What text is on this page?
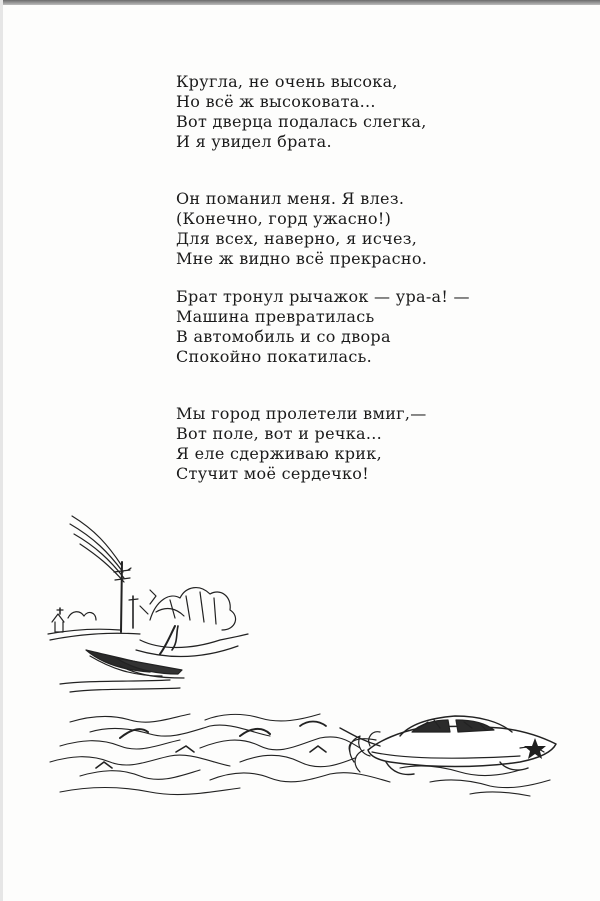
Кругла, не очень высока,
Но всё ж высоковата...
Вот дверца подалась слегка,
И я увидел брата.
Он поманил меня. Я влез.
(Конечно, горд ужасно!)
Для всех, наверно, я исчез,
Мне ж видно всё прекрасно.
Брат тронул рычажок — ура-а! —
Машина превратилась
В автомобиль и со двора
Спокойно покатилась.
Мы город пролетели вмиг,—
Вот поле, вот и речка...
Я еле сдерживаю крик,
Стучит моё сердечко!
